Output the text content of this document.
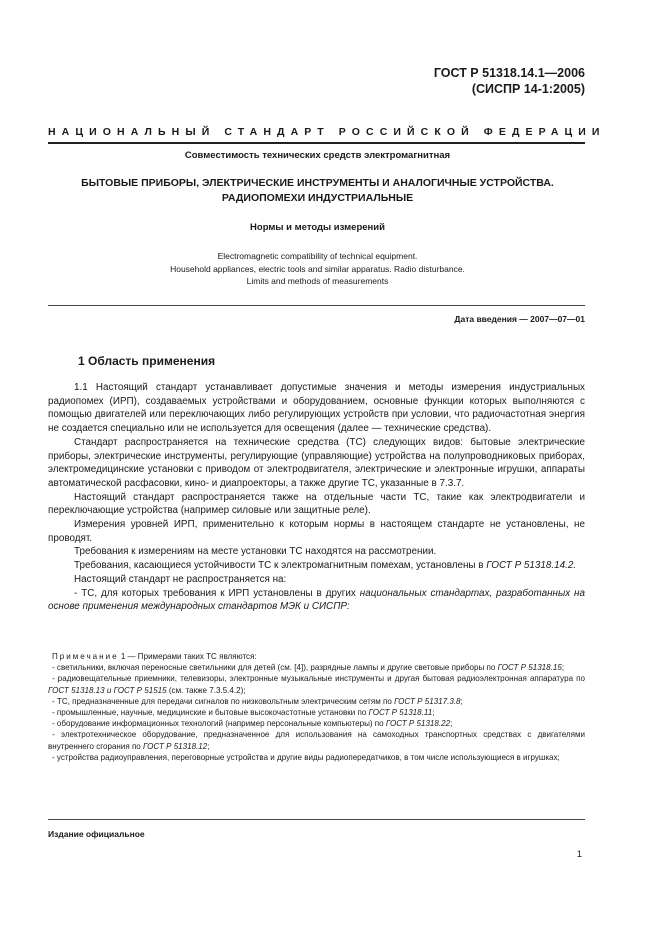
ГОСТ Р 51318.14.1—2006
(СИСПР 14-1:2005)
НАЦИОНАЛЬНЫЙ СТАНДАРТ РОССИЙСКОЙ ФЕДЕРАЦИИ
Совместимость технических средств электромагнитная
БЫТОВЫЕ ПРИБОРЫ, ЭЛЕКТРИЧЕСКИЕ ИНСТРУМЕНТЫ И АНАЛОГИЧНЫЕ УСТРОЙСТВА.
РАДИОПОМЕХИ ИНДУСТРИАЛЬНЫЕ
Нормы и методы измерений
Electromagnetic compatibility of technical equipment.
Household appliances, electric tools and similar apparatus. Radio disturbance.
Limits and methods of measurements
Дата введения — 2007—07—01
1 Область применения

1.1 Настоящий стандарт устанавливает допустимые значения и методы измерения индустриальных радиопомех (ИРП), создаваемых устройствами и оборудованием, основные функции которых выполняются с помощью двигателей или переключающих либо регулирующих устройств при условии, что радиочастотная энергия не создается специально или не используется для освещения (далее — технические средства).

Стандарт распространяется на технические средства (ТС) следующих видов: бытовые электрические приборы, электрические инструменты, регулирующие (управляющие) устройства на полупроводниковых приборах, электромедицинские установки с приводом от электродвигателя, электрические и электронные игрушки, аппараты автоматической расфасовки, кино- и диапроекторы, а также другие ТС, указанные в 7.3.7.

Настоящий стандарт распространяется также на отдельные части ТС, такие как электродвигатели и переключающие устройства (например силовые или защитные реле).

Измерения уровней ИРП, применительно к которым нормы в настоящем стандарте не установлены, не проводят.

Требования к измерениям на месте установки ТС находятся на рассмотрении.

Требования, касающиеся устойчивости ТС к электромагнитным помехам, установлены в ГОСТ Р 51318.14.2.

Настоящий стандарт не распространяется на:

- ТС, для которых требования к ИРП установлены в других национальных стандартах, разработанных на основе применения международных стандартов МЭК и СИСПР:

Примечание 1 — Примерами таких ТС являются:

- светильники, включая переносные светильники для детей (см. [4]), разрядные лампы и другие световые приборы по ГОСТ Р 51318.15;

- радиовещательные приемники, телевизоры, электронные музыкальные инструменты и другая бытовая радиоэлектронная аппаратура по ГОСТ 51318.13 и ГОСТ Р 51515 (см. также 7.3.5.4.2);

- ТС, предназначенные для передачи сигналов по низковольтным электрическим сетям по ГОСТ Р 51317.3.8;

- промышленные, научные, медицинские и бытовые высокочастотные установки по ГОСТ Р 51318.11;

- оборудование информационных технологий (например персональные компьютеры) по ГОСТ Р 51318.22;

- электротехническое оборудование, предназначенное для использования на самоходных транспортных средствах с двигателями внутреннего сгорания по ГОСТ Р 51318.12;

- устройства радиоуправления, переговорные устройства и другие виды радиопередатчиков, в том числе использующиеся в игрушках;

Издание официальное
1
